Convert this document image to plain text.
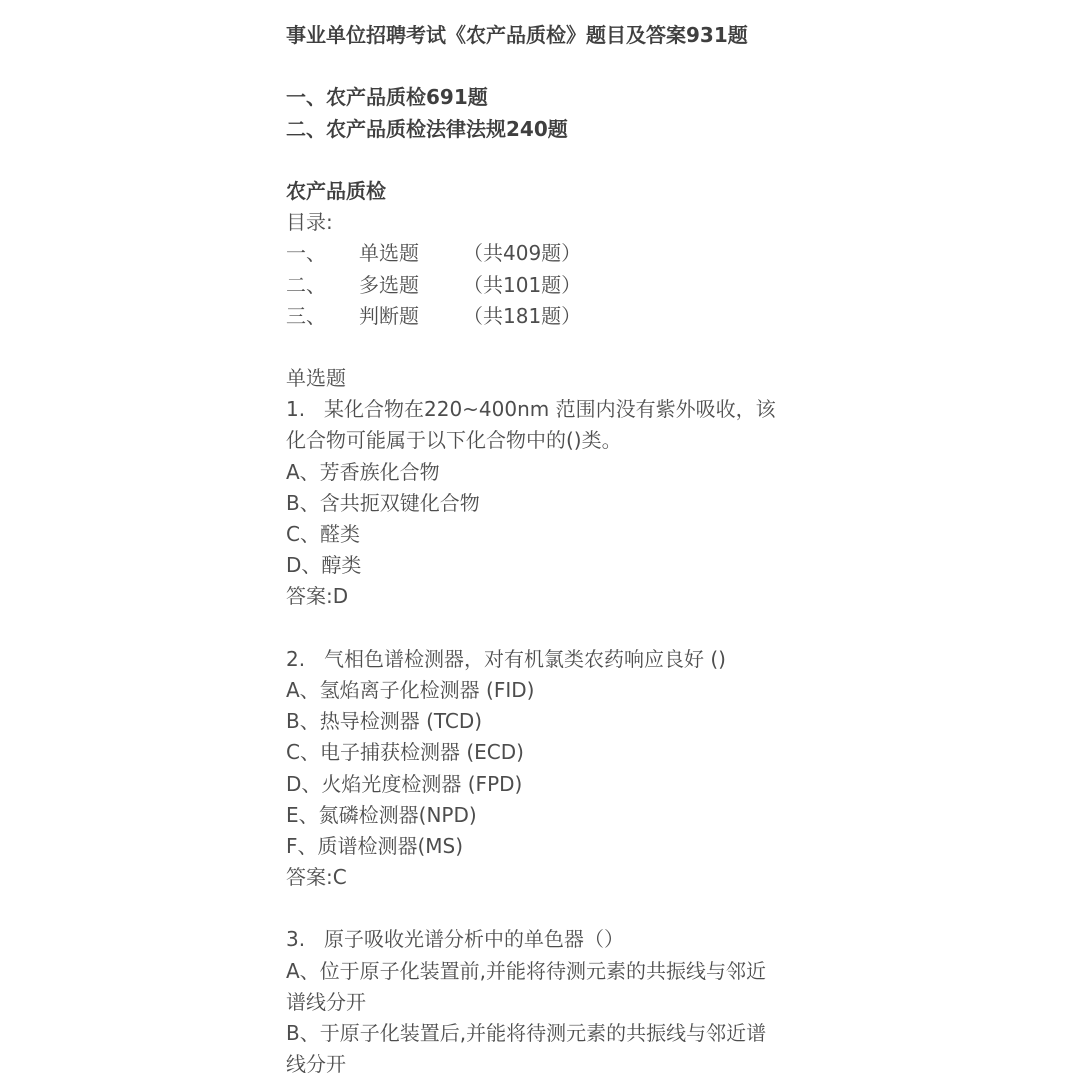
事业单位招聘考试《农产品质检》题目及答案931题
一、农产品质检691题
二、农产品质检法律法规240题
农产品质检
目录:
一、 单选题 （共409题）
二、 多选题 （共101题）
三、 判断题 （共181题）
单选题
1. 某化合物在220~400nm 范围内没有紫外吸收，该
化合物可能属于以下化合物中的()类。
A、芳香族化合物
B、含共扼双键化合物
C、醛类
D、醇类
答案:D
2. 气相色谱检测器，对有机氯类农药响应良好 ()
A、氢焰离子化检测器 (FID)
B、热导检测器 (TCD)
C、电子捕获检测器 (ECD)
D、火焰光度检测器 (FPD)
E、氮磷检测器(NPD)
F、质谱检测器(MS)
答案:C
3. 原子吸收光谱分析中的单色器（）
A、位于原子化装置前,并能将待测元素的共振线与邻近
谱线分开
B、于原子化装置后,并能将待测元素的共振线与邻近谱
线分开
